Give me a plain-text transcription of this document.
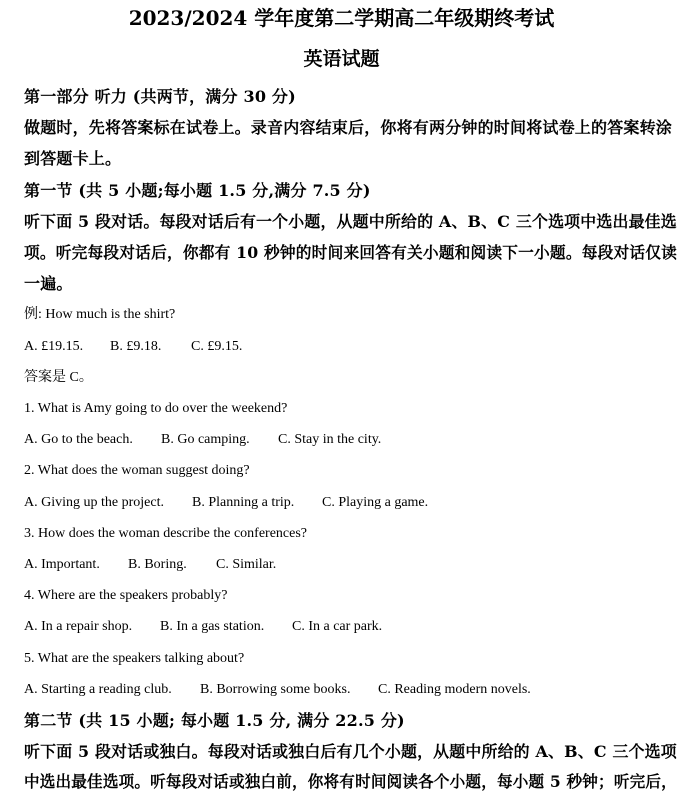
2023/2024 学年度第二学期高二年级期终考试
英语试题
第一部分 听力 (共两节，满分 30 分)
做题时，先将答案标在试卷上。录音内容结束后，你将有两分钟的时间将试卷上的答案转涂
到答题卡上。
第一节 (共 5 小题;每小题 1.5 分,满分 7.5 分)
听下面 5 段对话。每段对话后有一个小题，从题中所给的 A、B、C 三个选项中选出最佳选
项。听完每段对话后，你都有 10 秒钟的时间来回答有关小题和阅读下一小题。每段对话仅读
一遍。
例: How much is the shirt?
A. £19.15. B. £9.18. C. £9.15.
答案是 C。
1. What is Amy going to do over the weekend?
A. Go to the beach. B. Go camping. C. Stay in the city.
2. What does the woman suggest doing?
A. Giving up the project. B. Planning a trip. C. Playing a game.
3. How does the woman describe the conferences?
A. Important. B. Boring. C. Similar.
4. Where are the speakers probably?
A. In a repair shop. B. In a gas station. C. In a car park.
5. What are the speakers talking about?
A. Starting a reading club. B. Borrowing some books. C. Reading modern novels.
第二节 (共 15 小题; 每小题 1.5 分, 满分 22.5 分)
听下面 5 段对话或独白。每段对话或独白后有几个小题，从题中所给的 A、B、C 三个选项
中选出最佳选项。听每段对话或独白前，你将有时间阅读各个小题，每小题 5 秒钟；听完后，
